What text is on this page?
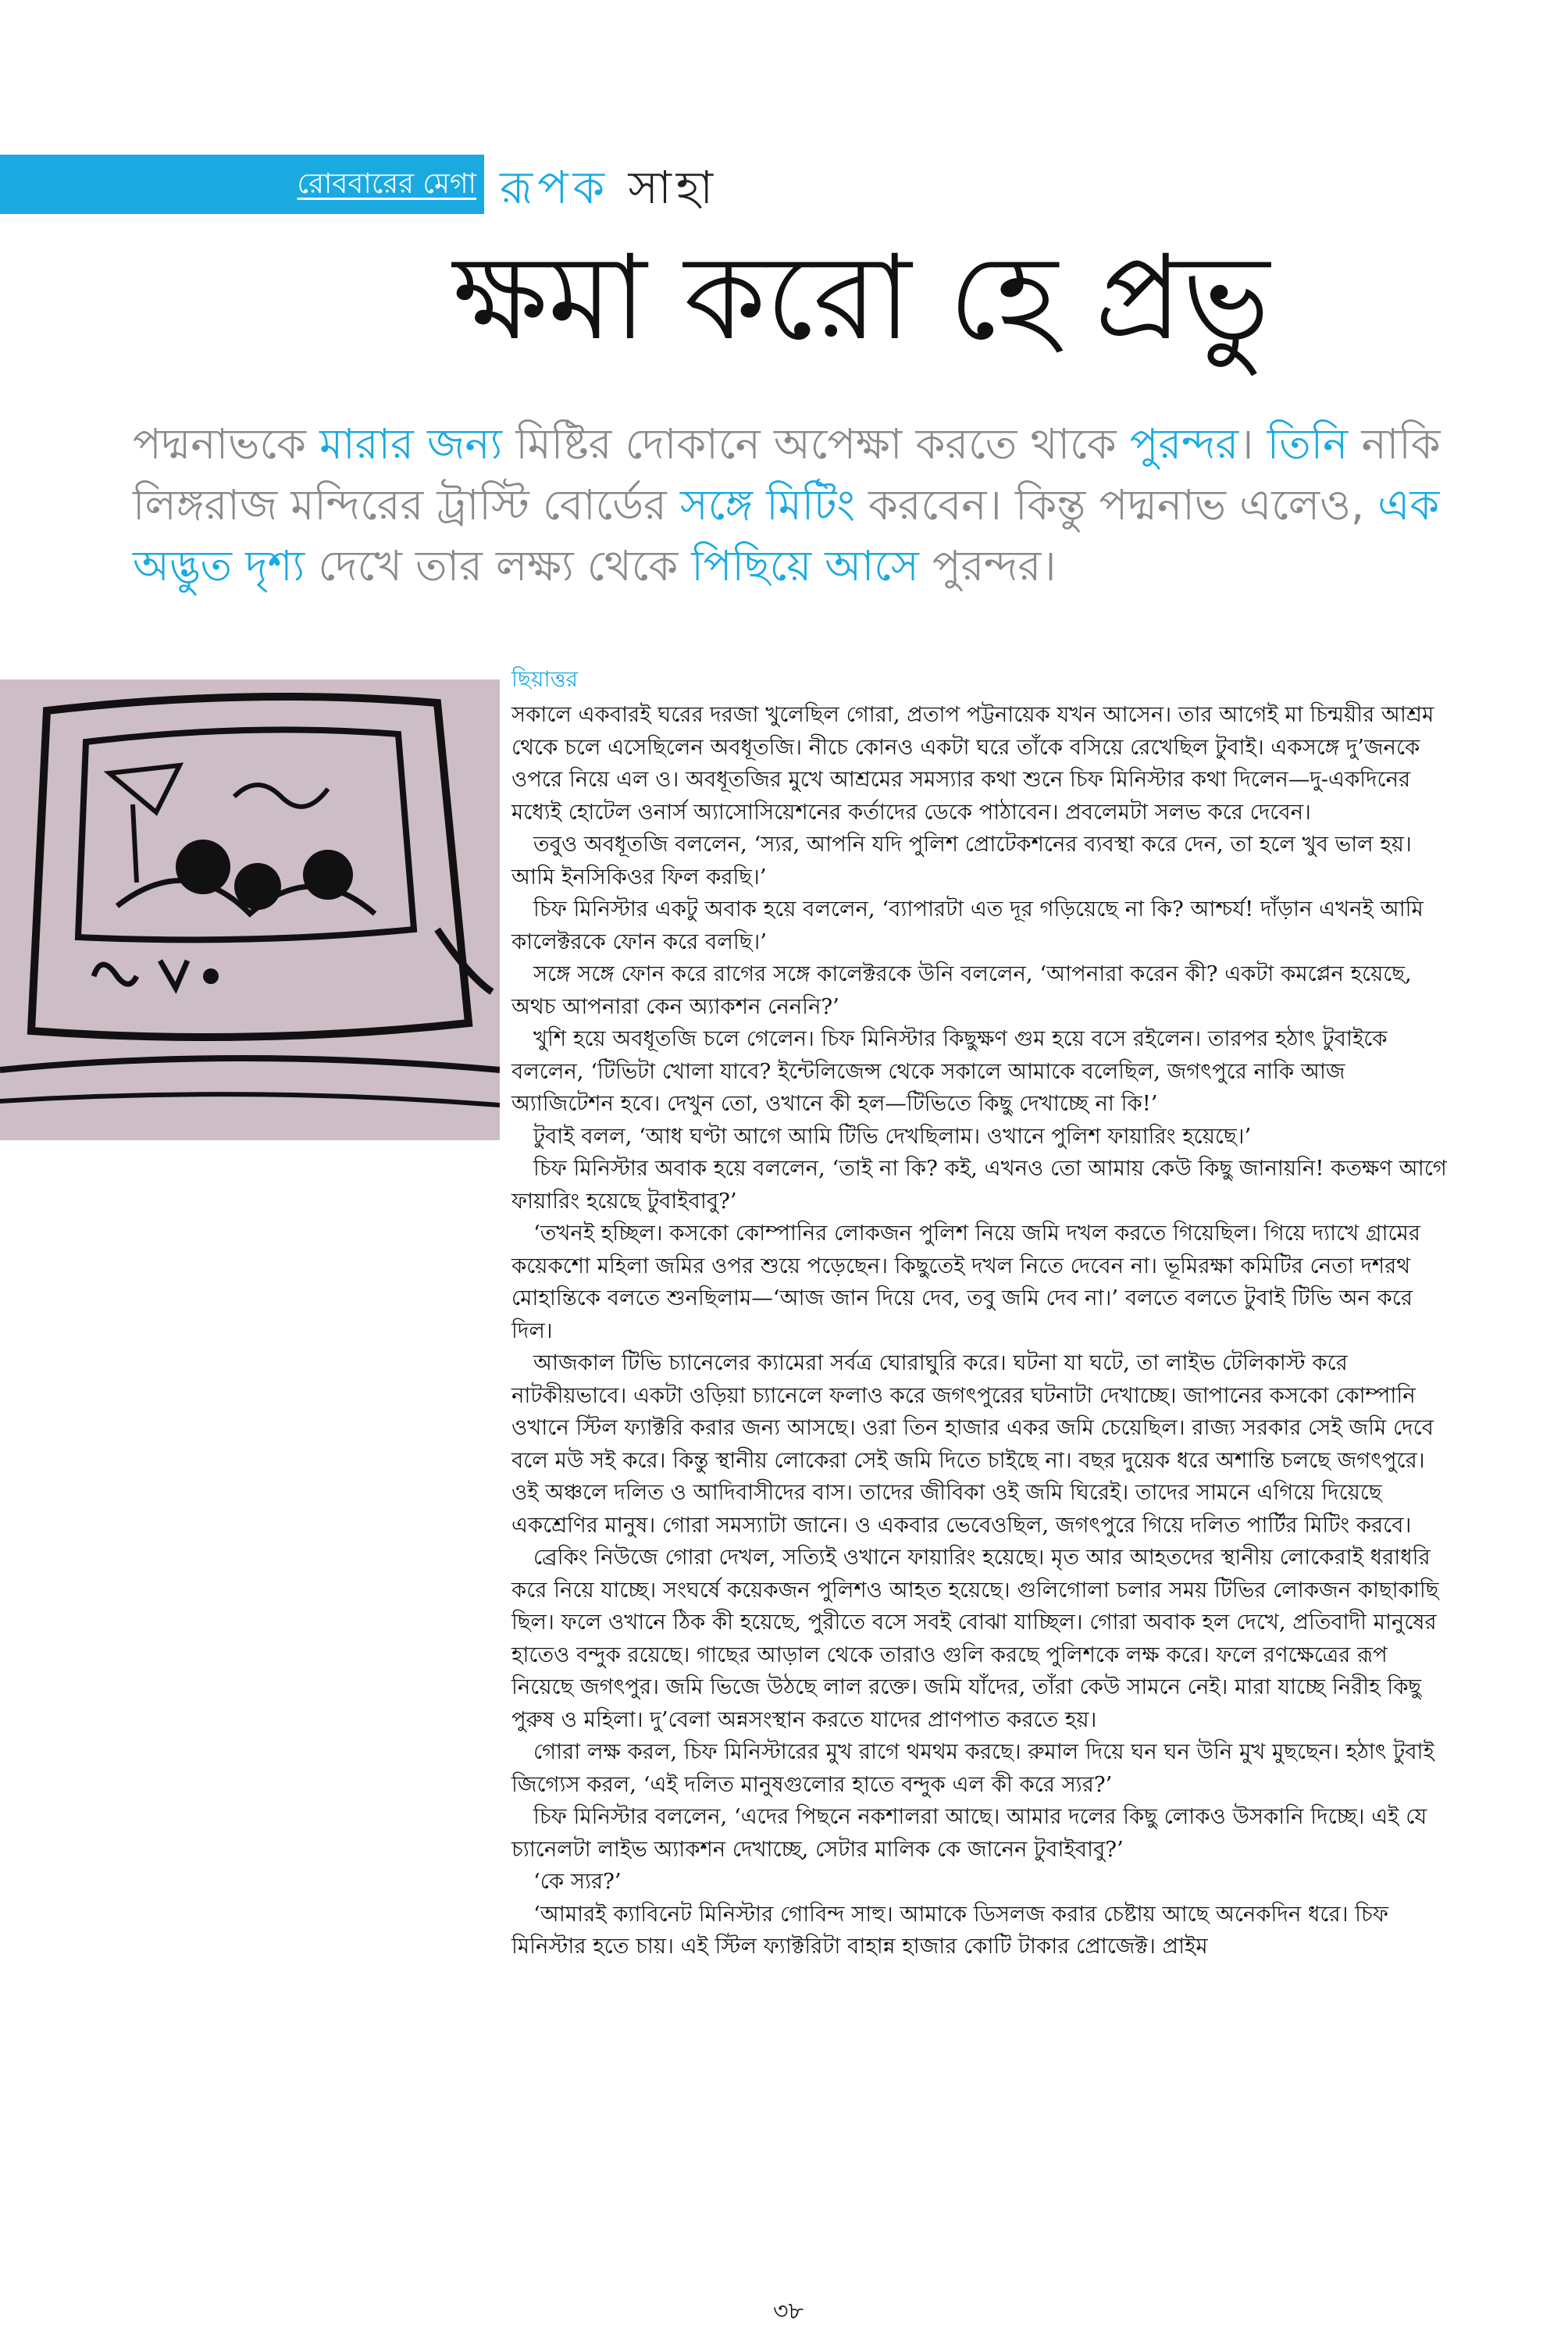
রোববারের মেগা রূপক সাহা
ক্ষমা করো হে প্রভু
পদ্মনাভকে মারার জন্য মিষ্টির দোকানে অপেক্ষা করতে থাকে পুরন্দর। তিনি নাকি লিঙ্গরাজ মন্দিরের ট্রাস্টি বোর্ডের সঙ্গে মিটিং করবেন। কিন্তু পদ্মনাভ এলেও, এক অদ্ভুত দৃশ্য দেখে তার লক্ষ্য থেকে পিছিয়ে আসে পুরন্দর।
ছিয়াত্তর

সকালে একবারই ঘরের দরজা খুলেছিল গোরা, প্রতাপ পট্টনায়েক যখন আসেন। তার আগেই মা চিন্ময়ীর আশ্রম থেকে চলে এসেছিলেন অবধূতজি। নীচে কোনও একটা ঘরে তাঁকে বসিয়ে রেখেছিল টুবাই। একসঙ্গে দু’জনকে ওপরে নিয়ে এল ও। অবধূতজির মুখে আশ্রমের সমস্যার কথা শুনে চিফ মিনিস্টার কথা দিলেন—দু-একদিনের মধ্যেই হোটেল ওনার্স অ্যাসোসিয়েশনের কর্তাদের ডেকে পাঠাবেন। প্রবলেমটা সলভ করে দেবেন।

তবুও অবধূতজি বললেন, ‘স্যর, আপনি যদি পুলিশ প্রোটেকশনের ব্যবস্থা করে দেন, তা হলে খুব ভাল হয়। আমি ইনসিকিওর ফিল করছি।’

চিফ মিনিস্টার একটু অবাক হয়ে বললেন, ‘ব্যাপারটা এত দূর গড়িয়েছে না কি? আশ্চর্য! দাঁড়ান এখনই আমি কালেক্টরকে ফোন করে বলছি।’

সঙ্গে সঙ্গে ফোন করে রাগের সঙ্গে কালেক্টরকে উনি বললেন, ‘আপনারা করেন কী? একটা কমপ্লেন হয়েছে, অথচ আপনারা কেন অ্যাকশন নেননি?’

খুশি হয়ে অবধূতজি চলে গেলেন। চিফ মিনিস্টার কিছুক্ষণ গুম হয়ে বসে রইলেন। তারপর হঠাৎ টুবাইকে বললেন, ‘টিভিটা খোলা যাবে? ইন্টেলিজেন্স থেকে সকালে আমাকে বলেছিল, জগৎপুরে নাকি আজ অ্যাজিটেশন হবে। দেখুন তো, ওখানে কী হল—টিভিতে কিছু দেখাচ্ছে না কি!’

টুবাই বলল, ‘আধ ঘণ্টা আগে আমি টিভি দেখছিলাম। ওখানে পুলিশ ফায়ারিং হয়েছে।’

চিফ মিনিস্টার অবাক হয়ে বললেন, ‘তাই না কি? কই, এখনও তো আমায় কেউ কিছু জানায়নি! কতক্ষণ আগে ফায়ারিং হয়েছে টুবাইবাবু?’

‘তখনই হচ্ছিল। কসকো কোম্পানির লোকজন পুলিশ নিয়ে জমি দখল করতে গিয়েছিল। গিয়ে দ্যাখে গ্রামের কয়েকশো মহিলা জমির ওপর শুয়ে পড়েছেন। কিছুতেই দখল নিতে দেবেন না। ভূমিরক্ষা কমিটির নেতা দশরথ মোহান্তিকে বলতে শুনছিলাম—‘আজ জান দিয়ে দেব, তবু জমি দেব না।’ বলতে বলতে টুবাই টিভি অন করে দিল।

আজকাল টিভি চ্যানেলের ক্যামেরা সর্বত্র ঘোরাঘুরি করে। ঘটনা যা ঘটে, তা লাইভ টেলিকাস্ট করে নাটকীয়ভাবে। একটা ওড়িয়া চ্যানেলে ফলাও করে জগৎপুরের ঘটনাটা দেখাচ্ছে। জাপানের কসকো কোম্পানি ওখানে স্টিল ফ্যাক্টরি করার জন্য আসছে। ওরা তিন হাজার একর জমি চেয়েছিল। রাজ্য সরকার সেই জমি দেবে বলে মউ সই করে। কিন্তু স্থানীয় লোকেরা সেই জমি দিতে চাইছে না। বছর দুয়েক ধরে অশান্তি চলছে জগৎপুরে। ওই অঞ্চলে দলিত ও আদিবাসীদের বাস। তাদের জীবিকা ওই জমি ঘিরেই। তাদের সামনে এগিয়ে দিয়েছে একশ্রেণির মানুষ। গোরা সমস্যাটা জানে। ও একবার ভেবেওছিল, জগৎপুরে গিয়ে দলিত পার্টির মিটিং করবে।

ব্রেকিং নিউজে গোরা দেখল, সত্যিই ওখানে ফায়ারিং হয়েছে। মৃত আর আহতদের স্থানীয় লোকেরাই ধরাধরি করে নিয়ে যাচ্ছে। সংঘর্ষে কয়েকজন পুলিশও আহত হয়েছে। গুলিগোলা চলার সময় টিভির লোকজন কাছাকাছি ছিল। ফলে ওখানে ঠিক কী হয়েছে, পুরীতে বসে সবই বোঝা যাচ্ছিল। গোরা অবাক হল দেখে, প্রতিবাদী মানুষের হাতেও বন্দুক রয়েছে। গাছের আড়াল থেকে তারাও গুলি করছে পুলিশকে লক্ষ করে। ফলে রণক্ষেত্রের রূপ নিয়েছে জগৎপুর। জমি ভিজে উঠছে লাল রক্তে। জমি যাঁদের, তাঁরা কেউ সামনে নেই। মারা যাচ্ছে নিরীহ কিছু পুরুষ ও মহিলা। দু’বেলা অন্নসংস্থান করতে যাদের প্রাণপাত করতে হয়।

গোরা লক্ষ করল, চিফ মিনিস্টারের মুখ রাগে থমথম করছে। রুমাল দিয়ে ঘন ঘন উনি মুখ মুছছেন। হঠাৎ টুবাই জিগ্যেস করল, ‘এই দলিত মানুষগুলোর হাতে বন্দুক এল কী করে স্যর?’

চিফ মিনিস্টার বললেন, ‘এদের পিছনে নকশালরা আছে। আমার দলের কিছু লোকও উসকানি দিচ্ছে। এই যে চ্যানেলটা লাইভ অ্যাকশন দেখাচ্ছে, সেটার মালিক কে জানেন টুবাইবাবু?’

‘কে স্যর?’

‘আমারই ক্যাবিনেট মিনিস্টার গোবিন্দ সাহু। আমাকে ডিসলজ করার চেষ্টায় আছে অনেকদিন ধরে। চিফ মিনিস্টার হতে চায়। এই স্টিল ফ্যাক্টরিটা বাহান্ন হাজার কোটি টাকার প্রোজেক্ট। প্রাইম

৩৮
